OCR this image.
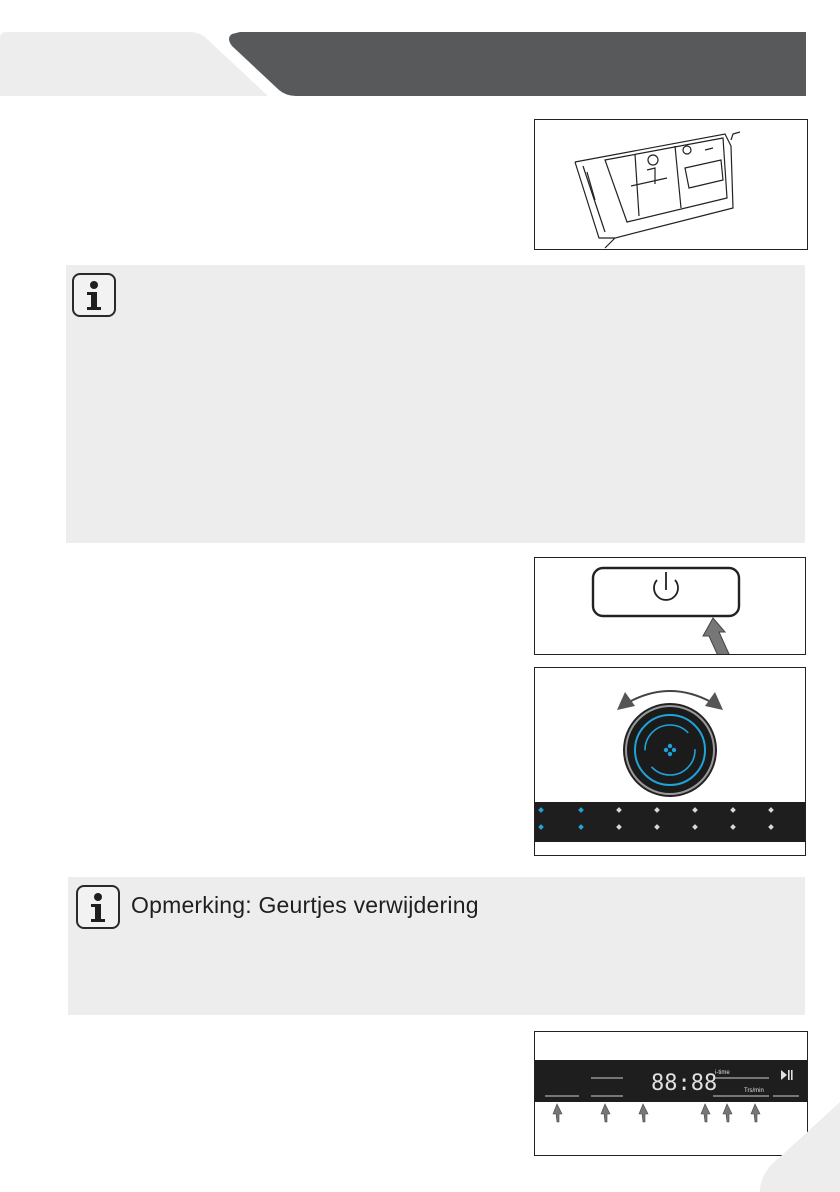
Opmerking: Geurtjes verwijdering
88:88
i-time
Trs/min
